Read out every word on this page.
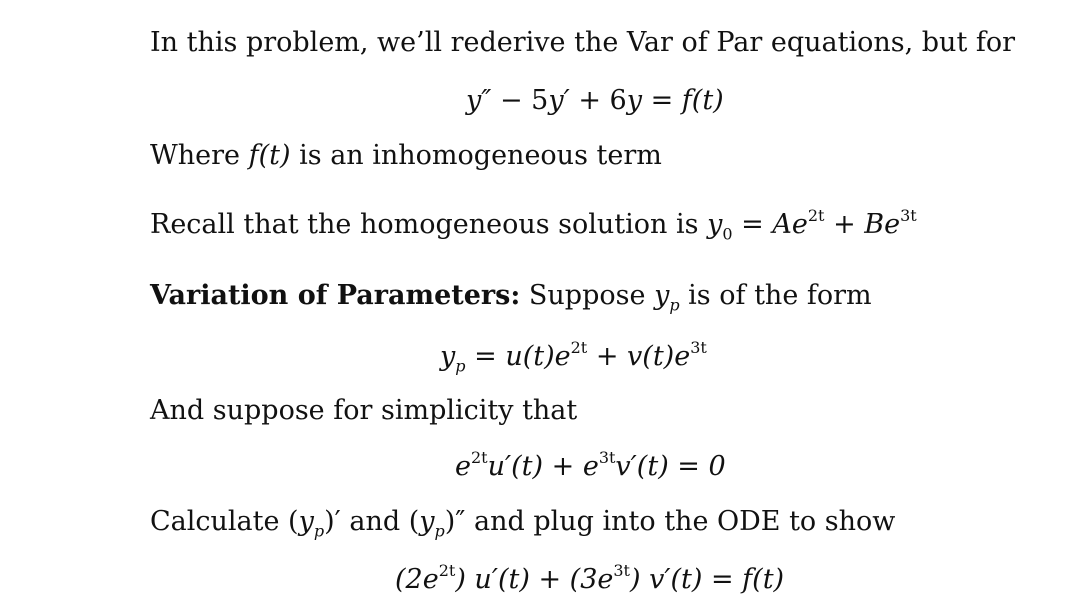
In this problem, we’ll rederive the Var of Par equations, but for
y″ − 5y′ + 6y = f(t)
Where f(t) is an inhomogeneous term
Recall that the homogeneous solution is $y_0 = Ae^{2t} + Be^{3t}$
Variation of Parameters: Suppose $y_p$ is of the form
$y_p = u(t)e^{2t} + v(t)e^{3t}$
And suppose for simplicity that
$e^{2t}u'(t) + e^{3t}v'(t) = 0$
Calculate $(y_p)'$ and $(y_p)''$ and plug into the ODE to show
$(2e^{2t}) u'(t) + (3e^{3t}) v'(t) = f(t)$
